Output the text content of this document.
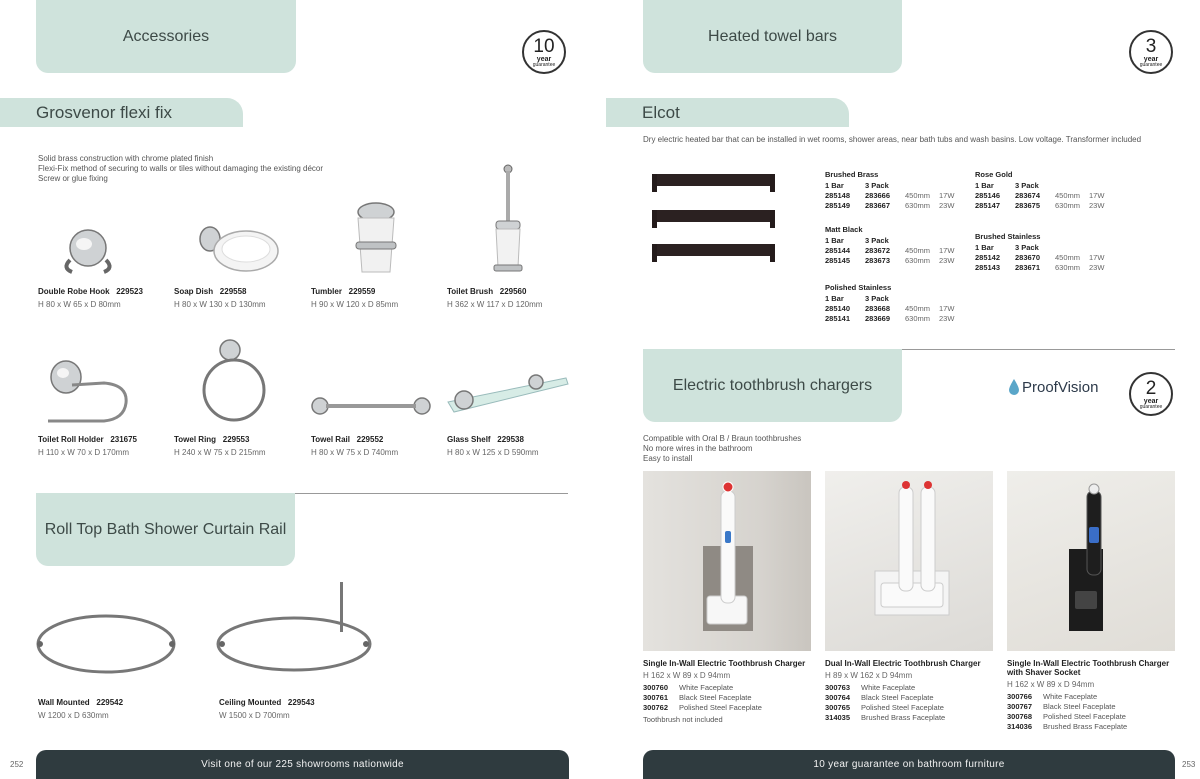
Accessories	10
year
guarantee
Grosvenor flexi fix
Solid brass construction with chrome plated finish
Flexi-Fix method of securing to walls or tiles without damaging the existing décor
Screw or glue fixing
Double Robe Hook 229523
H 80 x W 65 x D 80mm
Soap Dish 229558
H 80 x W 130 x D 130mm
Tumbler 229559
H 90 x W 120 x D 85mm
Toilet Brush 229560
H 362 x W 117 x D 120mm
Toilet Roll Holder 231675
H 110 x W 70 x D 170mm
Towel Ring 229553
H 240 x W 75 x D 215mm
Towel Rail 229552
H 80 x W 75 x D 740mm
Glass Shelf 229538
H 80 x W 125 x D 590mm
Roll Top Bath Shower Curtain Rail
Wall Mounted 229542
W 1200 x D 630mm
Ceiling Mounted 229543
W 1500 x D 700mm
Visit one of our 225 showrooms nationwide
252
Heated towel bars	3
year
guarantee
Elcot
Dry electric heated bar that can be installed in wet rooms, shower areas, near bath tubs and wash basins. Low voltage. Transformer included
Brushed Brass
1 Bar	3 Pack
285148 283666 450mm 17W
285149 283667 630mm 23W
Rose Gold
1 Bar	3 Pack
285146 283674 450mm 17W
285147 283675 630mm 23W
Matt Black
1 Bar	3 Pack
285144 283672 450mm 17W
285145 283673 630mm 23W
Brushed Stainless
1 Bar	3 Pack
285142 283670 450mm 17W
285143 283671 630mm 23W
Polished Stainless
1 Bar	3 Pack
285140 283668 450mm 17W
285141 283669 630mm 23W
Electric toothbrush chargers	ProofVision 2
year
guarantee
Compatible with Oral B / Braun toothbrushes
No more wires in the bathroom
Easy to install
Single In-Wall Electric Toothbrush Charger
H 162 x W 89 x D 94mm
300760 White Faceplate
300761 Black Steel Faceplate
300762 Polished Steel Faceplate
Toothbrush not included
Dual In-Wall Electric Toothbrush Charger
H 89 x W 162 x D 94mm
300763 White Faceplate
300764 Black Steel Faceplate
300765 Polished Steel Faceplate
314035 Brushed Brass Faceplate
Single In-Wall Electric Toothbrush Charger
with Shaver Socket
H 162 x W 89 x D 94mm
300766 White Faceplate
300767 Black Steel Faceplate
300768 Polished Steel Faceplate
314036 Brushed Brass Faceplate
10 year guarantee on bathroom furniture	253
